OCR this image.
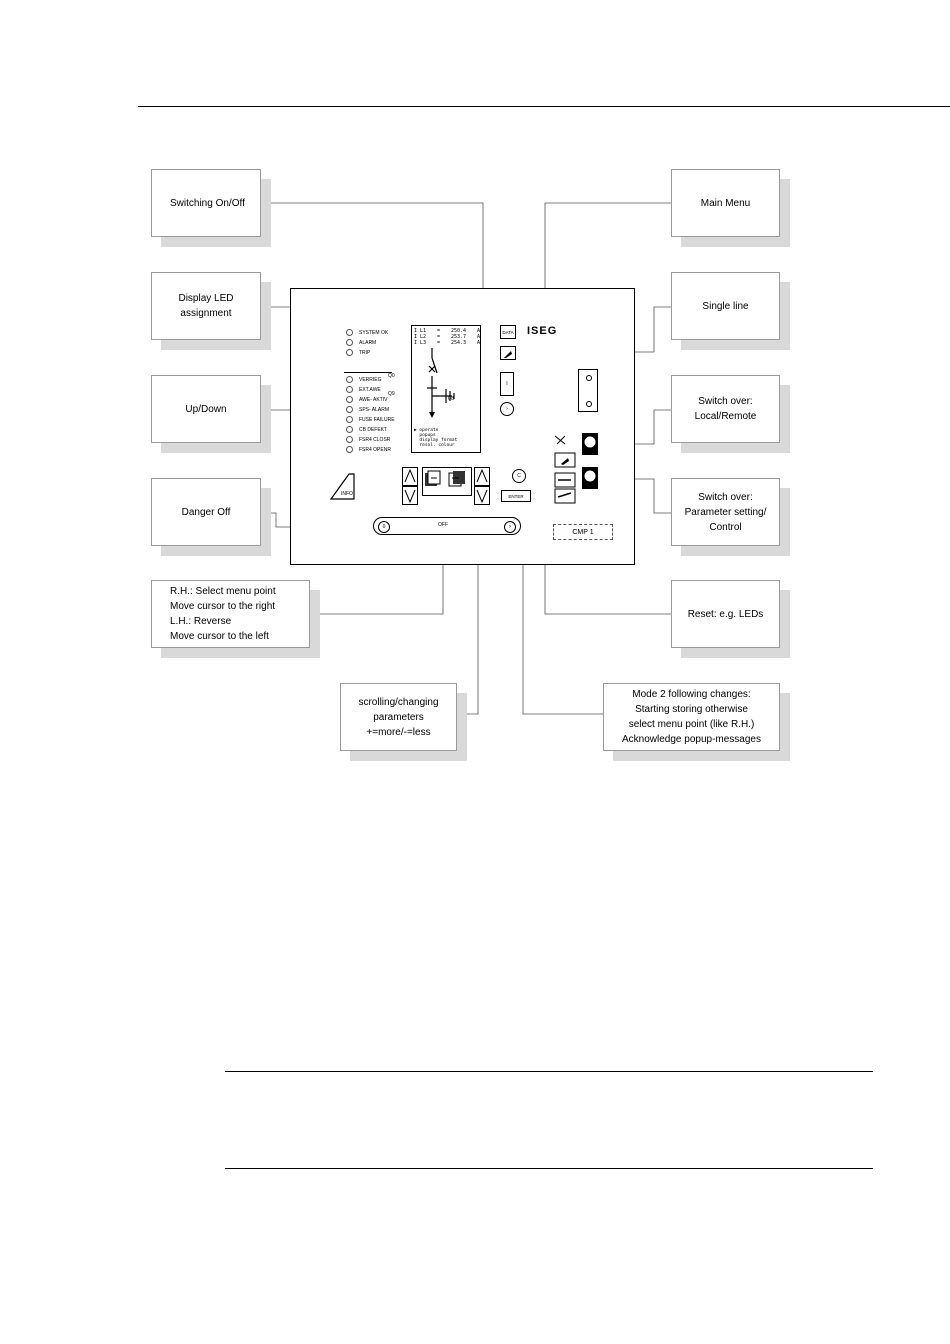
Switching On/Off
Display LED
assignment
Up/Down
Danger Off
R.H.: Select menu point
Move cursor to the right
L.H.: Reverse
Move cursor to the left
scrolling/changing
parameters
+=more/-=less
Main Menu
Single line
Switch over:
Local/Remote
Switch over:
Parameter setting/
Control
Reset: e.g. LEDs
Mode 2 following changes:
Starting storing otherwise
select menu point (like R.H.)
Acknowledge popup-messages
SYSTEM OK
ALARM
TRIP
VERRIEG
EXT.AWE
AWE- AKTIV
SPS- ALARM
FUSE FAILURE
CB DEFEKT
FSR4 CLOSR
FSR4 OPENR
I L1 = 250.4 A
I L2 = 253.7 A
I L3 = 254.3 A
Q8
▶ operate
popups
display format
resol. colour
Q0
Q9
DATA ISEG
I
›
CMP 1
INFO
C
ENTER
0	OFF	›
